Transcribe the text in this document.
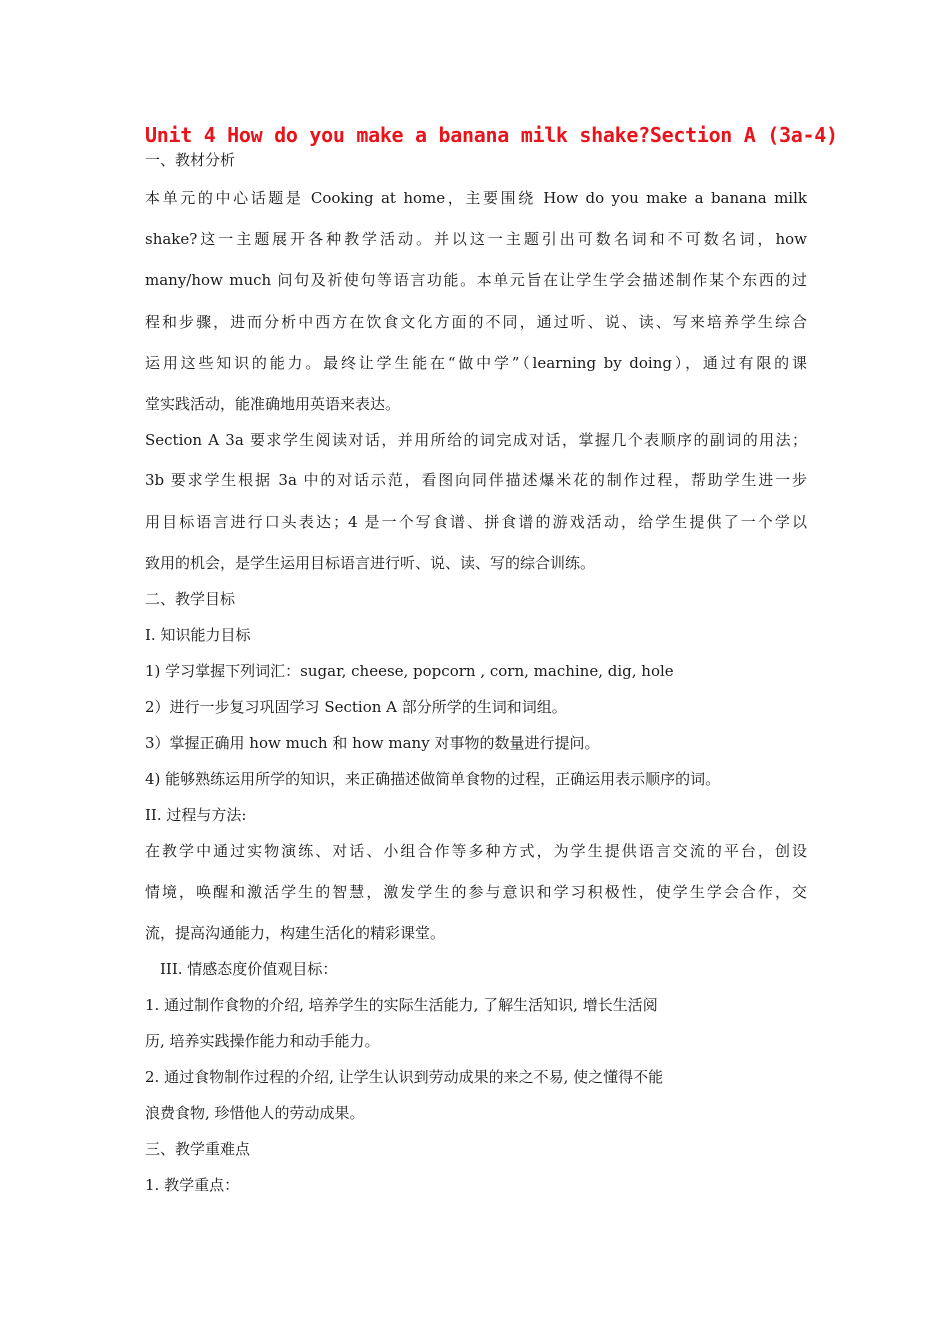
Unit 4 How do you make a banana milk shake?Section A (3a-4)

一、教材分析

本单元的中心话题是 Cooking at home，主要围绕 How do you make a banana milk

shake?这一主题展开各种教学活动。并以这一主题引出可数名词和不可数名词，how

many/how much 问句及祈使句等语言功能。本单元旨在让学生学会描述制作某个东西的过

程和步骤，进而分析中西方在饮食文化方面的不同，通过听、说、读、写来培养学生综合

运用这些知识的能力。最终让学生能在“做中学”（learning by doing），通过有限的课

堂实践活动，能准确地用英语来表达。

Section A 3a 要求学生阅读对话，并用所给的词完成对话，掌握几个表顺序的副词的用法；

3b 要求学生根据 3a 中的对话示范，看图向同伴描述爆米花的制作过程，帮助学生进一步

用目标语言进行口头表达；4 是一个写食谱、拼食谱的游戏活动，给学生提供了一个学以

致用的机会，是学生运用目标语言进行听、说、读、写的综合训练。

二、教学目标

I. 知识能力目标

1) 学习掌握下列词汇：sugar, cheese, popcorn , corn, machine, dig, hole

2）进行一步复习巩固学习 Section A 部分所学的生词和词组。

3）掌握正确用 how much 和 how many 对事物的数量进行提问。

4) 能够熟练运用所学的知识，来正确描述做简单食物的过程，正确运用表示顺序的词。

II. 过程与方法:

在教学中通过实物演练、对话、小组合作等多种方式，为学生提供语言交流的平台，创设

情境，唤醒和激活学生的智慧，激发学生的参与意识和学习积极性，使学生学会合作，交

流，提高沟通能力，构建生活化的精彩课堂。

III. 情感态度价值观目标：

1. 通过制作食物的介绍, 培养学生的实际生活能力, 了解生活知识, 增长生活阅

历, 培养实践操作能力和动手能力。

2. 通过食物制作过程的介绍, 让学生认识到劳动成果的来之不易, 使之懂得不能

浪费食物, 珍惜他人的劳动成果。

三、教学重难点

1. 教学重点：
